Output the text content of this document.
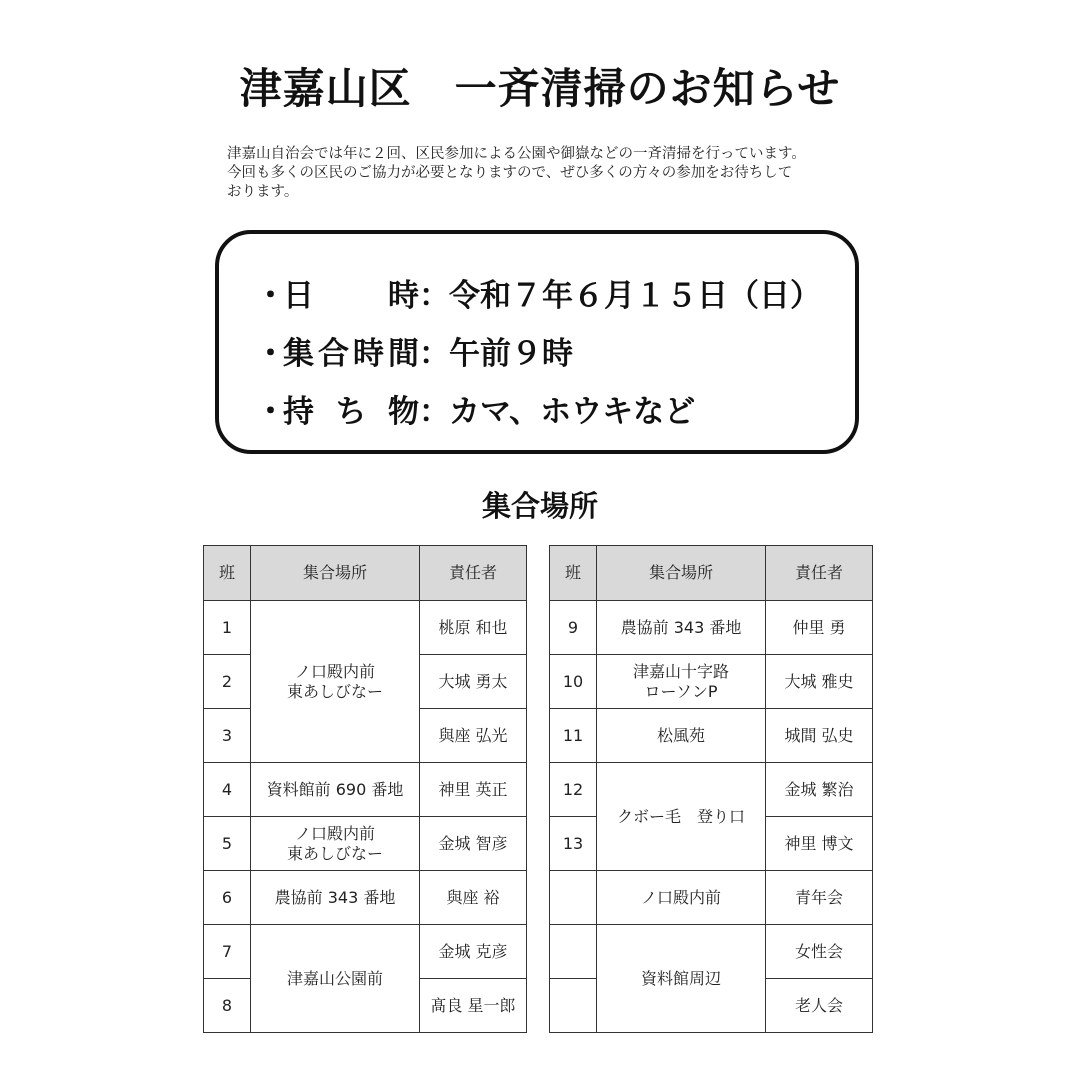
津嘉山区　一斉清掃のお知らせ

津嘉山自治会では年に２回、区民参加による公園や御嶽などの一斉清掃を行っています。

今回も多くの区民のご協力が必要となりますので、ぜひ多くの方々の参加をお待ちして

おります。

・
日時 ： 令和７年６月１５日（日）
・
集合時間 ： 午前９時
・
持ち物 ： カマ、ホウキなど
集合場所
班	集合場所	責任者
1	ノ口殿内前
東あしびなー	桃原 和也
2		大城 勇太
3		與座 弘光
4	資料館前 690 番地	神里 英正
5	ノ口殿内前
東あしびなー	金城 智彦
6	農協前 343 番地	與座 裕
7	津嘉山公園前	金城 克彦
8		髙良 星一郎
班	集合場所	責任者
9	農協前 343 番地	仲里 勇
10	津嘉山十字路
ローソンP	大城 雅史
11	松風苑	城間 弘史
12	クボー毛　登り口	金城 繁治
13		神里 博文
	ノ口殿内前	青年会
	資料館周辺	女性会
		老人会
